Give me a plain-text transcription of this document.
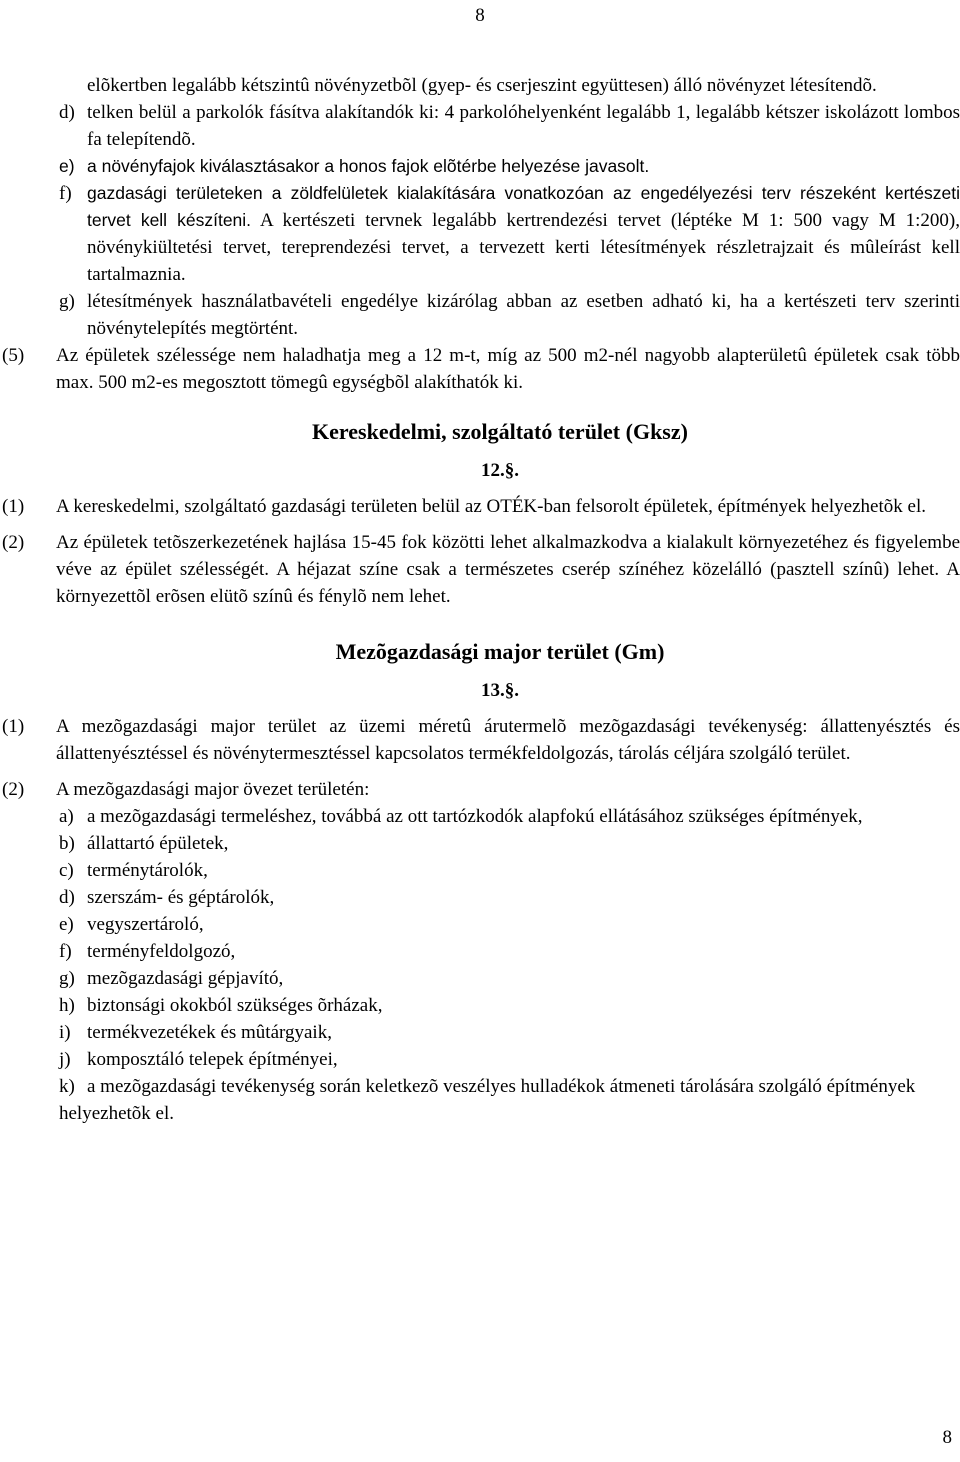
8
elõkertben legalább kétszintû növényzetbõl (gyep- és cserjeszint együttesen) álló növényzet létesítendõ.
d) telken belül a parkolók fásítva alakítandók ki: 4 parkolóhelyenként legalább 1, legalább kétszer iskolázott lombos fa telepítendõ.
e) a növényfajok kiválasztásakor a honos fajok elõtérbe helyezése javasolt.
f) gazdasági területeken a zöldfelületek kialakítására vonatkozóan az engedélyezési terv részeként kertészeti tervet kell készíteni. A kertészeti tervnek legalább kertrendezési tervet (léptéke M 1: 500 vagy M 1:200), növénykiültetési tervet, tereprendezési tervet, a tervezett kerti létesítmények részletrajzait és mûleírást kell tartalmaznia.
g) létesítmények használatbavételi engedélye kizárólag abban az esetben adható ki, ha a kertészeti terv szerinti növénytelepítés megtörtént.
(5) Az épületek szélessége nem haladhatja meg a 12 m-t, míg az 500 m2-nél nagyobb alapterületû épületek csak több max. 500 m2-es megosztott tömegû egységbõl alakíthatók ki.
Kereskedelmi, szolgáltató terület (Gksz)
12.§.
(1) A kereskedelmi, szolgáltató gazdasági területen belül az OTÉK-ban felsorolt épületek, építmények helyezhetõk el.
(2) Az épületek tetõszerkezetének hajlása 15-45 fok közötti lehet alkalmazkodva a kialakult környezetéhez és figyelembe véve az épület szélességét. A héjazat színe csak a természetes cserép színéhez közelálló (pasztell színû) lehet. A környezettõl erõsen elütõ színû és fénylõ nem lehet.
Mezõgazdasági major terület (Gm)
13.§.
(1) A mezõgazdasági major terület az üzemi méretû árutermelõ mezõgazdasági tevékenység: állattenyésztés és állattenyésztéssel és növénytermesztéssel kapcsolatos termékfeldolgozás, tárolás céljára szolgáló terület.
(2) A mezõgazdasági major övezet területén:
a) a mezõgazdasági termeléshez, továbbá az ott tartózkodók alapfokú ellátásához szükséges építmények,
b) állattartó épületek,
c) terménytárolók,
d) szerszám- és géptárolók,
e) vegyszertároló,
f) terményfeldolgozó,
g) mezõgazdasági gépjavító,
h) biztonsági okokból szükséges õrházak,
i) termékvezetékek és mûtárgyaik,
j) komposztáló telepek építményei,
k) a mezõgazdasági tevékenység során keletkezõ veszélyes hulladékok átmeneti tárolására szolgáló építmények
helyezhetõk el.
8
